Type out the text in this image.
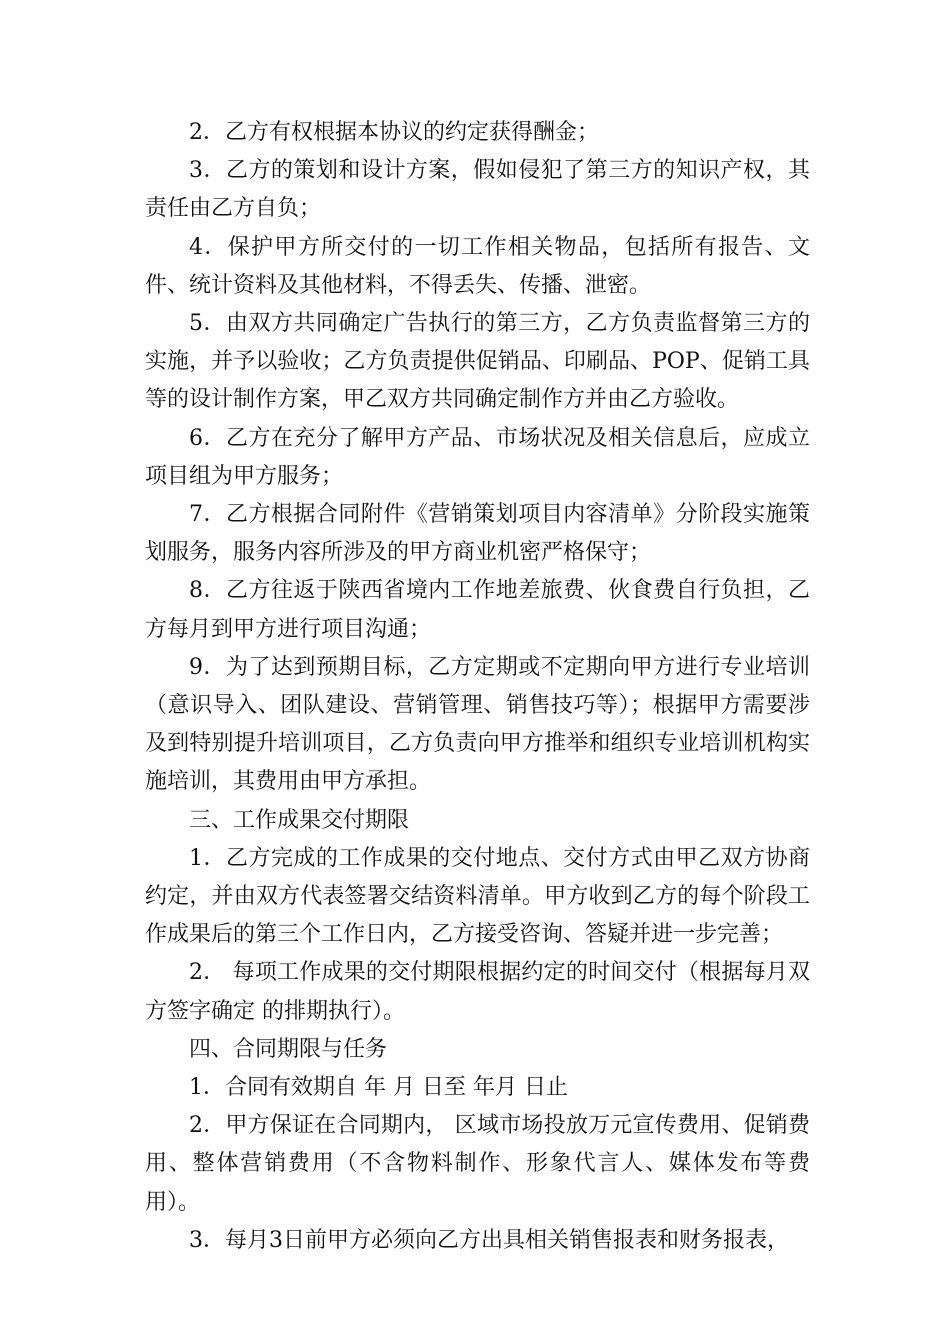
2．乙方有权根据本协议的约定获得酬金；

3．乙方的策划和设计方案，假如侵犯了第三方的知识产权，其责任由乙方自负；

4．保护甲方所交付的一切工作相关物品，包括所有报告、文件、统计资料及其他材料，不得丢失、传播、泄密。

5．由双方共同确定广告执行的第三方，乙方负责监督第三方的实施，并予以验收；乙方负责提供促销品、印刷品、POP、促销工具等的设计制作方案，甲乙双方共同确定制作方并由乙方验收。

6．乙方在充分了解甲方产品、市场状况及相关信息后，应成立项目组为甲方服务；

7．乙方根据合同附件《营销策划项目内容清单》分阶段实施策划服务，服务内容所涉及的甲方商业机密严格保守；

8．乙方往返于陕西省境内工作地差旅费、伙食费自行负担，乙方每月到甲方进行项目沟通；

9．为了达到预期目标，乙方定期或不定期向甲方进行专业培训（意识导入、团队建设、营销管理、销售技巧等）；根据甲方需要涉及到特别提升培训项目，乙方负责向甲方推举和组织专业培训机构实施培训，其费用由甲方承担。

三、工作成果交付期限

1．乙方完成的工作成果的交付地点、交付方式由甲乙双方协商约定，并由双方代表签署交结资料清单。甲方收到乙方的每个阶段工作成果后的第三个工作日内，乙方接受咨询、答疑并进一步完善；

2． 每项工作成果的交付期限根据约定的时间交付（根据每月双方签字确定 的排期执行）。

四、合同期限与任务

1．合同有效期自 年 月 日至 年月 日止

2．甲方保证在合同期内， 区域市场投放万元宣传费用、促销费用、整体营销费用（不含物料制作、形象代言人、媒体发布等费用）。

3．每月3日前甲方必须向乙方出具相关销售报表和财务报表，
